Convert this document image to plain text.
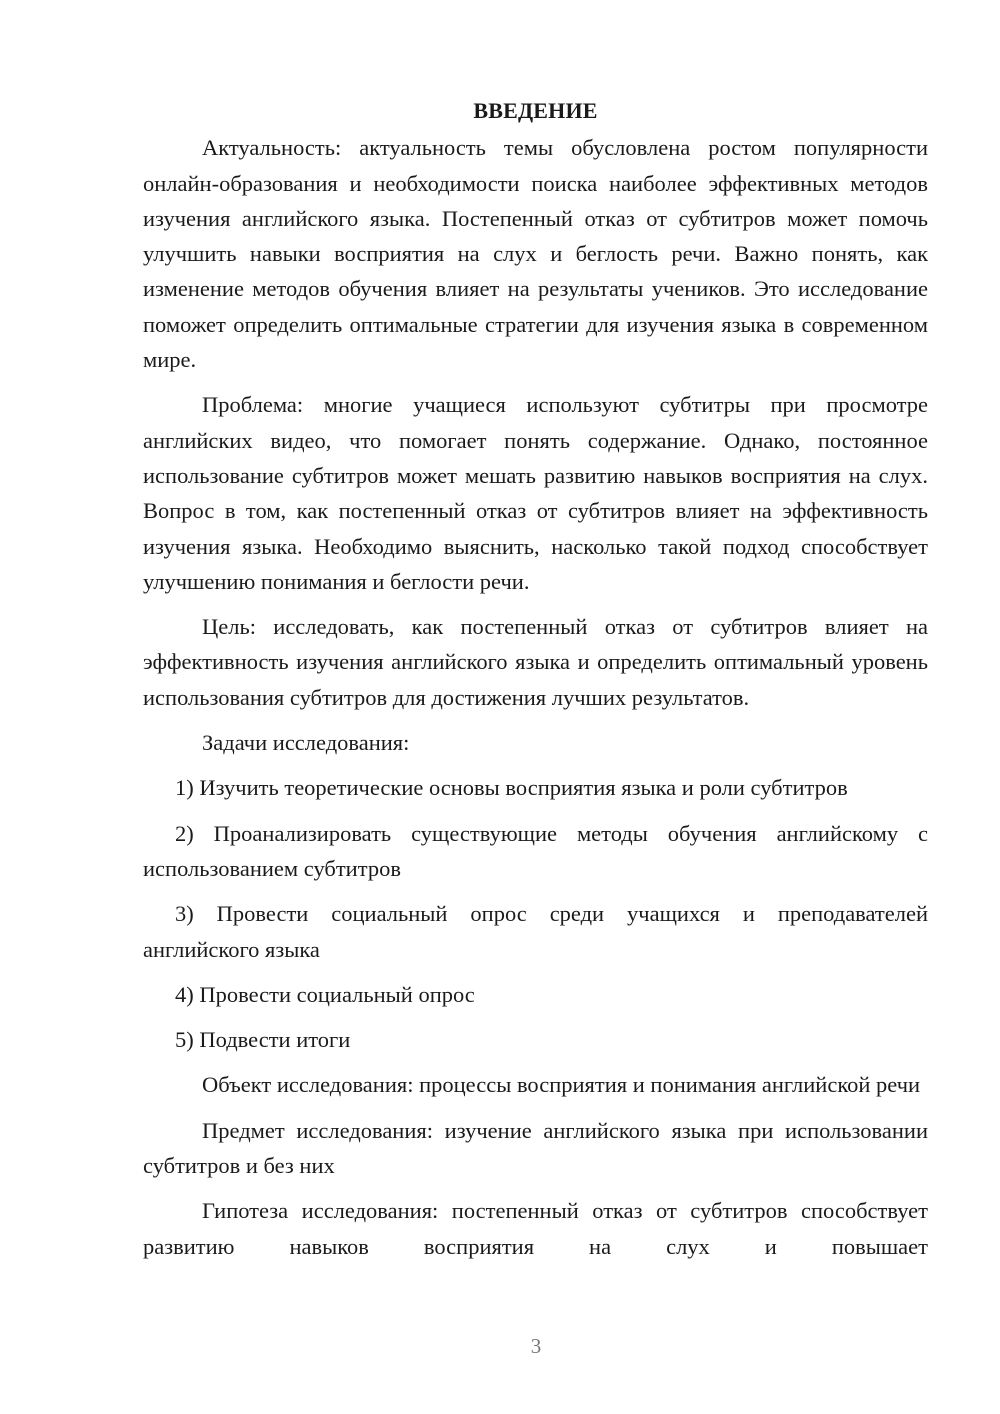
ВВЕДЕНИЕ

Актуальность: актуальность темы обусловлена ростом популярности онлайн-образования и необходимости поиска наиболее эффективных методов изучения английского языка. Постепенный отказ от субтитров может помочь улучшить навыки восприятия на слух и беглость речи. Важно понять, как изменение методов обучения влияет на результаты учеников. Это исследование поможет определить оптимальные стратегии для изучения языка в современном мире.

Проблема: многие учащиеся используют субтитры при просмотре английских видео, что помогает понять содержание. Однако, постоянное использование субтитров может мешать развитию навыков восприятия на слух. Вопрос в том, как постепенный отказ от субтитров влияет на эффективность изучения языка. Необходимо выяснить, насколько такой подход способствует улучшению понимания и беглости речи.

Цель: исследовать, как постепенный отказ от субтитров влияет на эффективность изучения английского языка и определить оптимальный уровень использования субтитров для достижения лучших результатов.

Задачи исследования:

1) Изучить теоретические основы восприятия языка и роли субтитров

2) Проанализировать существующие методы обучения английскому с использованием субтитров

3) Провести социальный опрос среди учащихся и преподавателей английского языка

4) Провести социальный опрос

5) Подвести итоги

Объект исследования: процессы восприятия и понимания английской речи

Предмет исследования: изучение английского языка при использовании субтитров и без них

Гипотеза исследования: постепенный отказ от субтитров способствует развитию навыков восприятия на слух и повышает

3
